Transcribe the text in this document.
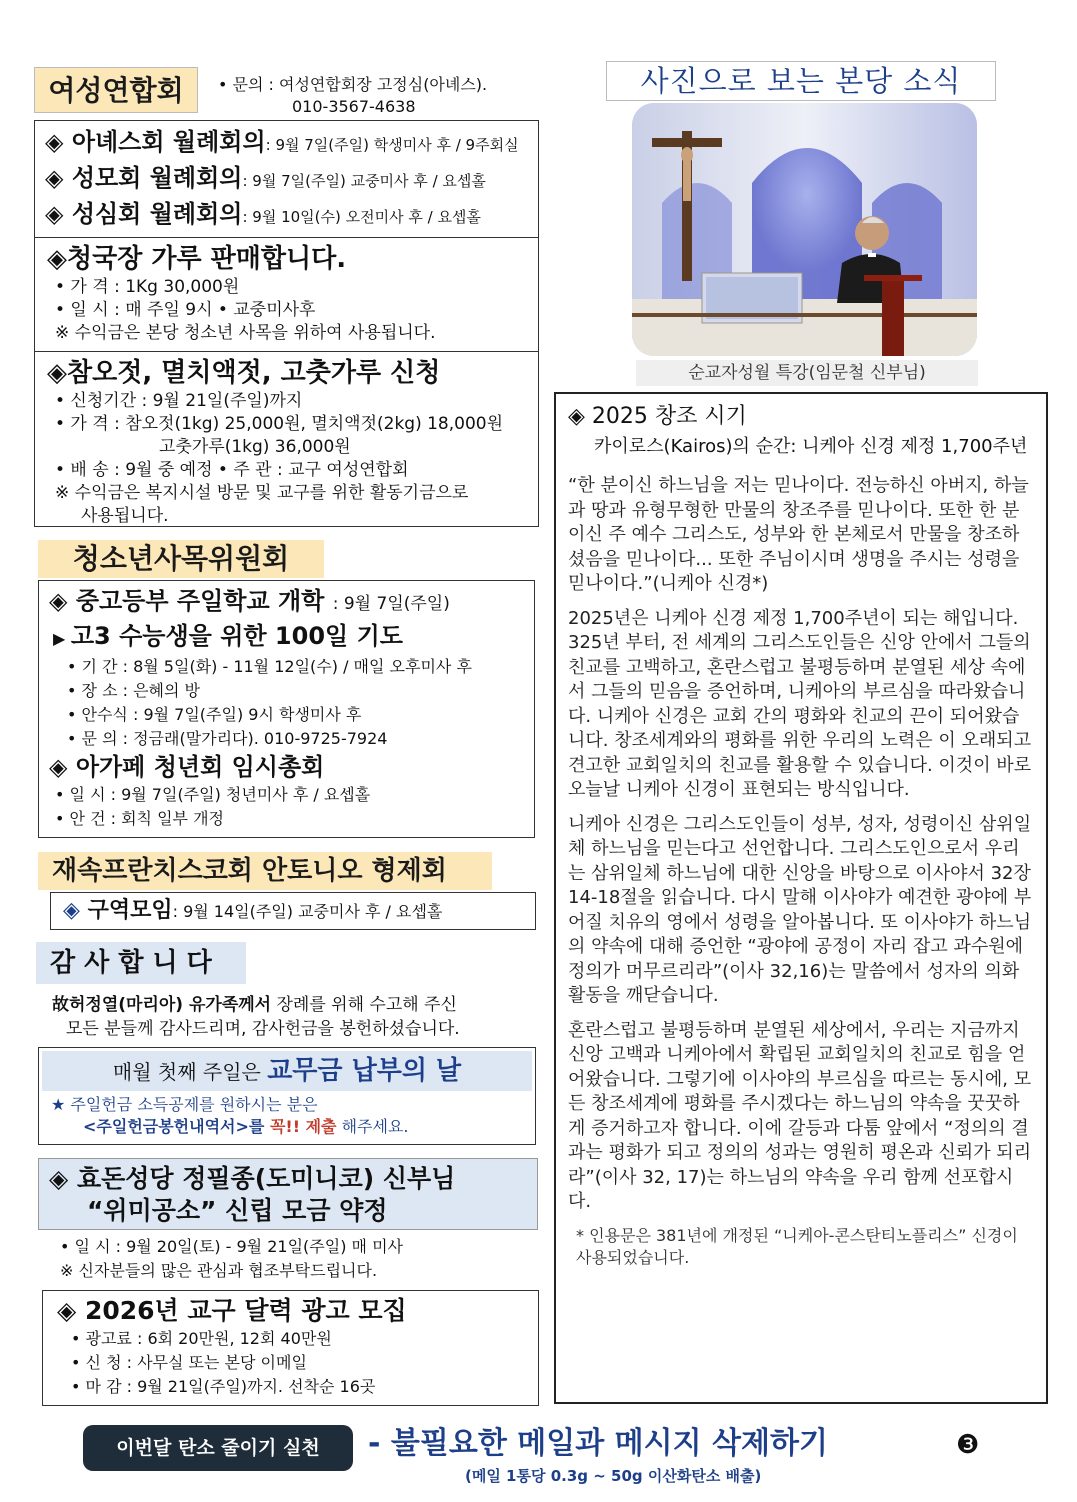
여성연합회	• 문의 : 여성연합회장 고정심(아녜스).
010-3567-4638
◈ 아녜스회 월례회의: 9월 7일(주일) 학생미사 후 / 9주회실
◈ 성모회 월례회의: 9월 7일(주일) 교중미사 후 / 요셉홀
◈ 성심회 월례회의: 9월 10일(수) 오전미사 후 / 요셉홀
◈청국장 가루 판매합니다.
• 가 격 : 1Kg 30,000원
• 일 시 : 매 주일 9시 • 교중미사후
※ 수익금은 본당 청소년 사목을 위하여 사용됩니다.
◈참오젓, 멸치액젓, 고춧가루 신청
• 신청기간 : 9월 21일(주일)까지
• 가 격 : 참오젓(1kg) 25,000원, 멸치액젓(2kg) 18,000원
고춧가루(1kg) 36,000원
• 배 송 : 9월 중 예정 • 주 관 : 교구 여성연합회
※ 수익금은 복지시설 방문 및 교구를 위한 활동기금으로
사용됩니다.
청소년사목위원회
◈ 중고등부 주일학교 개학 : 9월 7일(주일)
▶ 고3 수능생을 위한 100일 기도
• 기 간 : 8월 5일(화) - 11월 12일(수) / 매일 오후미사 후
• 장 소 : 은혜의 방
• 안수식 : 9월 7일(주일) 9시 학생미사 후
• 문 의 : 정금래(말가리다). 010-9725-7924
◈ 아가페 청년회 임시총회
• 일 시 : 9월 7일(주일) 청년미사 후 / 요셉홀
• 안 건 : 회칙 일부 개정
재속프란치스코회 안토니오 형제회
◈ 구역모임: 9월 14일(주일) 교중미사 후 / 요셉홀
감 사 합 니 다
故허정열(마리아) 유가족께서 장례를 위해 수고해 주신
모든 분들께 감사드리며, 감사헌금을 봉헌하셨습니다.
매월 첫째 주일은 교무금 납부의 날
★ 주일헌금 소득공제를 원하시는 분은
<주일헌금봉헌내역서>를 꼭!! 제출 해주세요.
◈ 효돈성당 정필종(도미니코) 신부님
“위미공소” 신립 모금 약정
• 일 시 : 9월 20일(토) - 9월 21일(주일) 매 미사
※ 신자분들의 많은 관심과 협조부탁드립니다.
◈ 2026년 교구 달력 광고 모집
• 광고료 : 6회 20만원, 12회 40만원
• 신 청 : 사무실 또는 본당 이메일
• 마 감 : 9월 21일(주일)까지. 선착순 16곳
사진으로 보는 본당 소식
순교자성월 특강(임문철 신부님)
◈ 2025 창조 시기
카이로스(Kairos)의 순간: 니케아 신경 제정 1,700주년

“한 분이신 하느님을 저는 믿나이다. 전능하신 아버지, 하늘과 땅과 유형무형한 만물의 창조주를 믿나이다. 또한 한 분이신 주 예수 그리스도, 성부와 한 본체로서 만물을 창조하셨음을 믿나이다... 또한 주님이시며 생명을 주시는 성령을 믿나이다.”(니케아 신경*)

2025년은 니케아 신경 제정 1,700주년이 되는 해입니다. 325년 부터, 전 세계의 그리스도인들은 신앙 안에서 그들의 친교를 고백하고, 혼란스럽고 불평등하며 분열된 세상 속에서 그들의 믿음을 증언하며, 니케아의 부르심을 따라왔습니다. 니케아 신경은 교회 간의 평화와 친교의 끈이 되어왔습니다. 창조세계와의 평화를 위한 우리의 노력은 이 오래되고 견고한 교회일치의 친교를 활용할 수 있습니다. 이것이 바로 오늘날 니케아 신경이 표현되는 방식입니다.

니케아 신경은 그리스도인들이 성부, 성자, 성령이신 삼위일체 하느님을 믿는다고 선언합니다. 그리스도인으로서 우리는 삼위일체 하느님에 대한 신앙을 바탕으로 이사야서 32장 14-18절을 읽습니다. 다시 말해 이사야가 예견한 광야에 부어질 치유의 영에서 성령을 알아봅니다. 또 이사야가 하느님의 약속에 대해 증언한 “광야에 공정이 자리 잡고 과수원에 정의가 머무르리라”(이사 32,16)는 말씀에서 성자의 의화 활동을 깨닫습니다.

혼란스럽고 불평등하며 분열된 세상에서, 우리는 지금까지 신앙 고백과 니케아에서 확립된 교회일치의 친교로 힘을 얻어왔습니다. 그렇기에 이사야의 부르심을 따르는 동시에, 모든 창조세계에 평화를 주시겠다는 하느님의 약속을 꿋꿋하게 증거하고자 합니다. 이에 갈등과 다툼 앞에서 “정의의 결과는 평화가 되고 정의의 성과는 영원히 평온과 신뢰가 되리라”(이사 32, 17)는 하느님의 약속을 우리 함께 선포합시다.

* 인용문은 381년에 개정된 “니케아-콘스탄티노플리스” 신경이 사용되었습니다.
이번달 탄소 줄이기 실천	- 불필요한 메일과 메시지 삭제하기
(메일 1통당 0.3g ~ 50g 이산화탄소 배출)
❸
